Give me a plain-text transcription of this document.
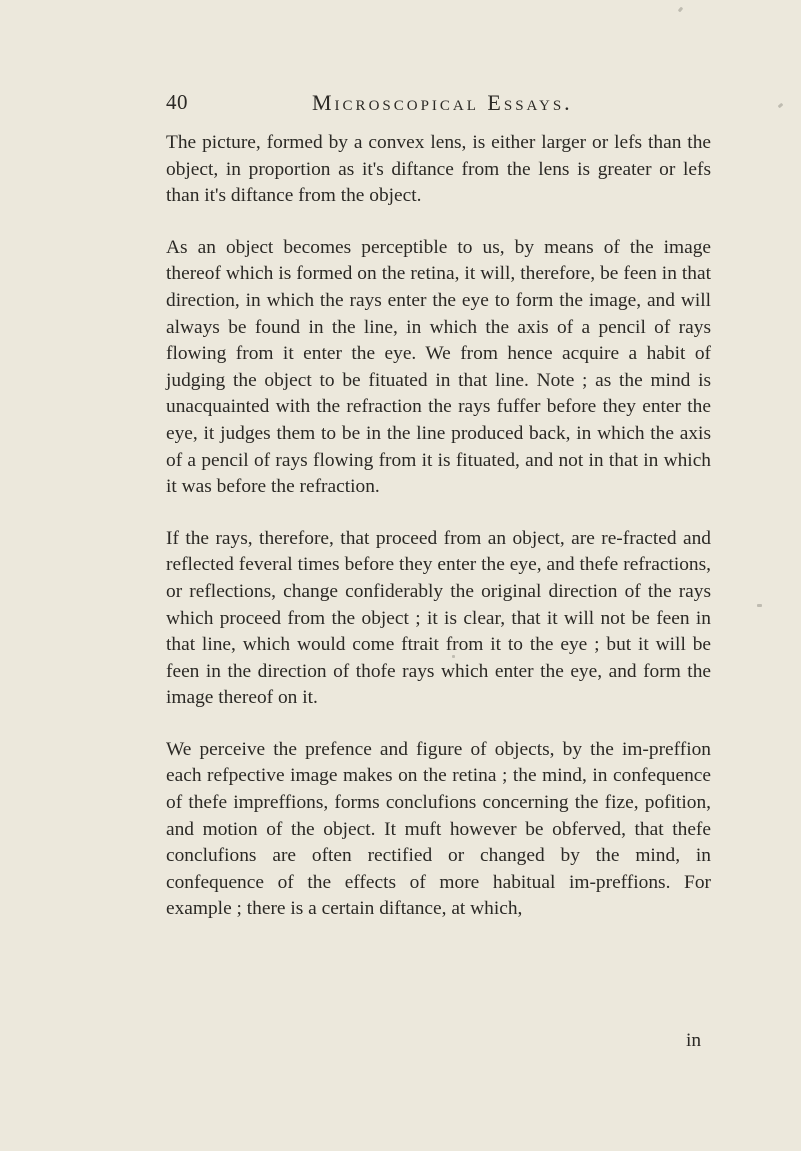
40	Microscopical Essays.

The picture, formed by a convex lens, is either larger or lefs than the object, in proportion as it's diftance from the lens is greater or lefs than it's diftance from the object.

As an object becomes perceptible to us, by means of the image thereof which is formed on the retina, it will, therefore, be feen in that direction, in which the rays enter the eye to form the image, and will always be found in the line, in which the axis of a pencil of rays flowing from it enter the eye. We from hence acquire a habit of judging the object to be fituated in that line. Note ; as the mind is unacquainted with the refraction the rays fuffer before they enter the eye, it judges them to be in the line produced back, in which the axis of a pencil of rays flowing from it is fituated, and not in that in which it was before the refraction.

If the rays, therefore, that proceed from an object, are re-fracted and reflected feveral times before they enter the eye, and thefe refractions, or reflections, change confiderably the original direction of the rays which proceed from the object ; it is clear, that it will not be feen in that line, which would come ftrait from it to the eye ; but it will be feen in the direction of thofe rays which enter the eye, and form the image thereof on it.

We perceive the prefence and figure of objects, by the im-preffion each refpective image makes on the retina ; the mind, in confequence of thefe impreffions, forms conclufions concerning the fize, pofition, and motion of the object. It muft however be obferved, that thefe conclufions are often rectified or changed by the mind, in confequence of the effects of more habitual im-preffions. For example ; there is a certain diftance, at which,

in
